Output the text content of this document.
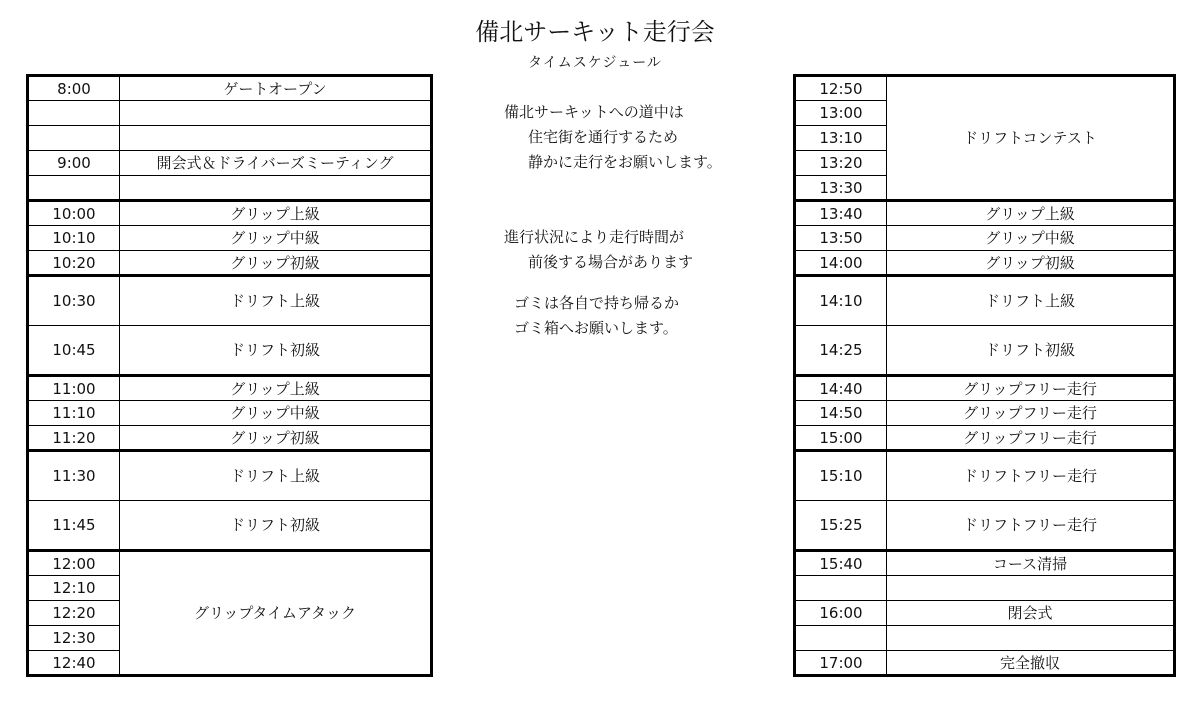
備北サーキット走行会
タイムスケジュール
8:00	ゲートオープン

9:00	開会式＆ドライバーズミーティング

10:00	グリップ上級
10:10	グリップ中級
10:20	グリップ初級
10:30	ドリフト上級
10:45	ドリフト初級
11:00	グリップ上級
11:10	グリップ中級
11:20	グリップ初級
11:30	ドリフト上級
11:45	ドリフト初級
12:00	グリップタイムアタック
12:10	
12:20	
12:30	
12:40	
備北サーキットへの道中は
住宅街を通行するため
静かに走行をお願いします。
進行状況により走行時間が
前後する場合があります
ゴミは各自で持ち帰るか
ゴミ箱へお願いします。
12:50	ドリフトコンテスト
13:00	
13:10	
13:20	
13:30	
13:40	グリップ上級
13:50	グリップ中級
14:00	グリップ初級
14:10	ドリフト上級
14:25	ドリフト初級
14:40	グリップフリー走行
14:50	グリップフリー走行
15:00	グリップフリー走行
15:10	ドリフトフリー走行
15:25	ドリフトフリー走行
15:40	コース清掃

16:00	閉会式

17:00	完全撤収
